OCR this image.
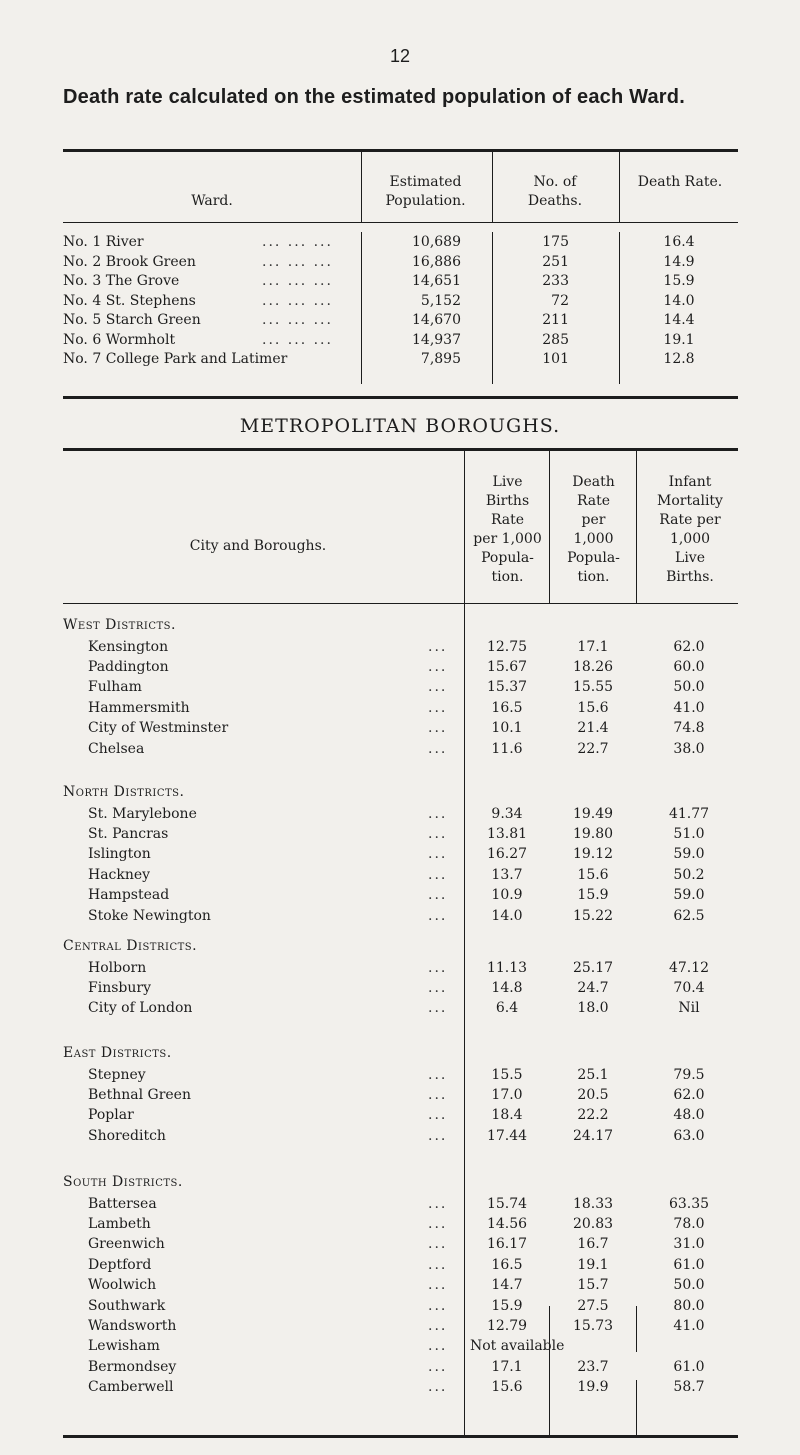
12
Death rate calculated on the estimated population of each Ward.
Ward.
Estimated Population.
No. of Deaths.
Death Rate.
No. 1 River	... ... ...	10,689	175	16.4
No. 2 Brook Green	... ... ...	16,886	251	14.9
No. 3 The Grove	... ... ...	14,651	233	15.9
No. 4 St. Stephens	... ... ...	5,152	72	14.0
No. 5 Starch Green	... ... ...	14,670	211	14.4
No. 6 Wormholt	... ... ...	14,937	285	19.1
No. 7 College Park and Latimer	7,895	101	12.8
METROPOLITAN BOROUGHS.
City and Boroughs.
Live
Births
Rate
per 1,000
Popula-
tion.
Death
Rate
per
1,000
Popula-
tion.
Infant
Mortality
Rate per
1,000
Live
Births.
West Districts.
Kensington	...	12.75	17.1	62.0
Paddington	...	15.67	18.26	60.0
Fulham	...	15.37	15.55	50.0
Hammersmith	...	16.5	15.6	41.0
City of Westminster	...	10.1	21.4	74.8
Chelsea	...	11.6	22.7	38.0
North Districts.
St. Marylebone	...	9.34	19.49	41.77
St. Pancras	...	13.81	19.80	51.0
Islington	...	16.27	19.12	59.0
Hackney	...	13.7	15.6	50.2
Hampstead	...	10.9	15.9	59.0
Stoke Newington	...	14.0	15.22	62.5
Central Districts.
Holborn	...	11.13	25.17	47.12
Finsbury	...	14.8	24.7	70.4
City of London	...	6.4	18.0	Nil
East Districts.
Stepney	...	15.5	25.1	79.5
Bethnal Green	...	17.0	20.5	62.0
Poplar	...	18.4	22.2	48.0
Shoreditch	...	17.44	24.17	63.0
South Districts.
Battersea	...	15.74	18.33	63.35
Lambeth	...	14.56	20.83	78.0
Greenwich	...	16.17	16.7	31.0
Deptford	...	16.5	19.1	61.0
Woolwich	...	14.7	15.7	50.0
Southwark	...	15.9	27.5	80.0
Wandsworth	...	12.79	15.73	41.0
Lewisham	... Not available
Bermondsey	...	17.1	23.7	61.0
Camberwell	...	15.6	19.9	58.7
